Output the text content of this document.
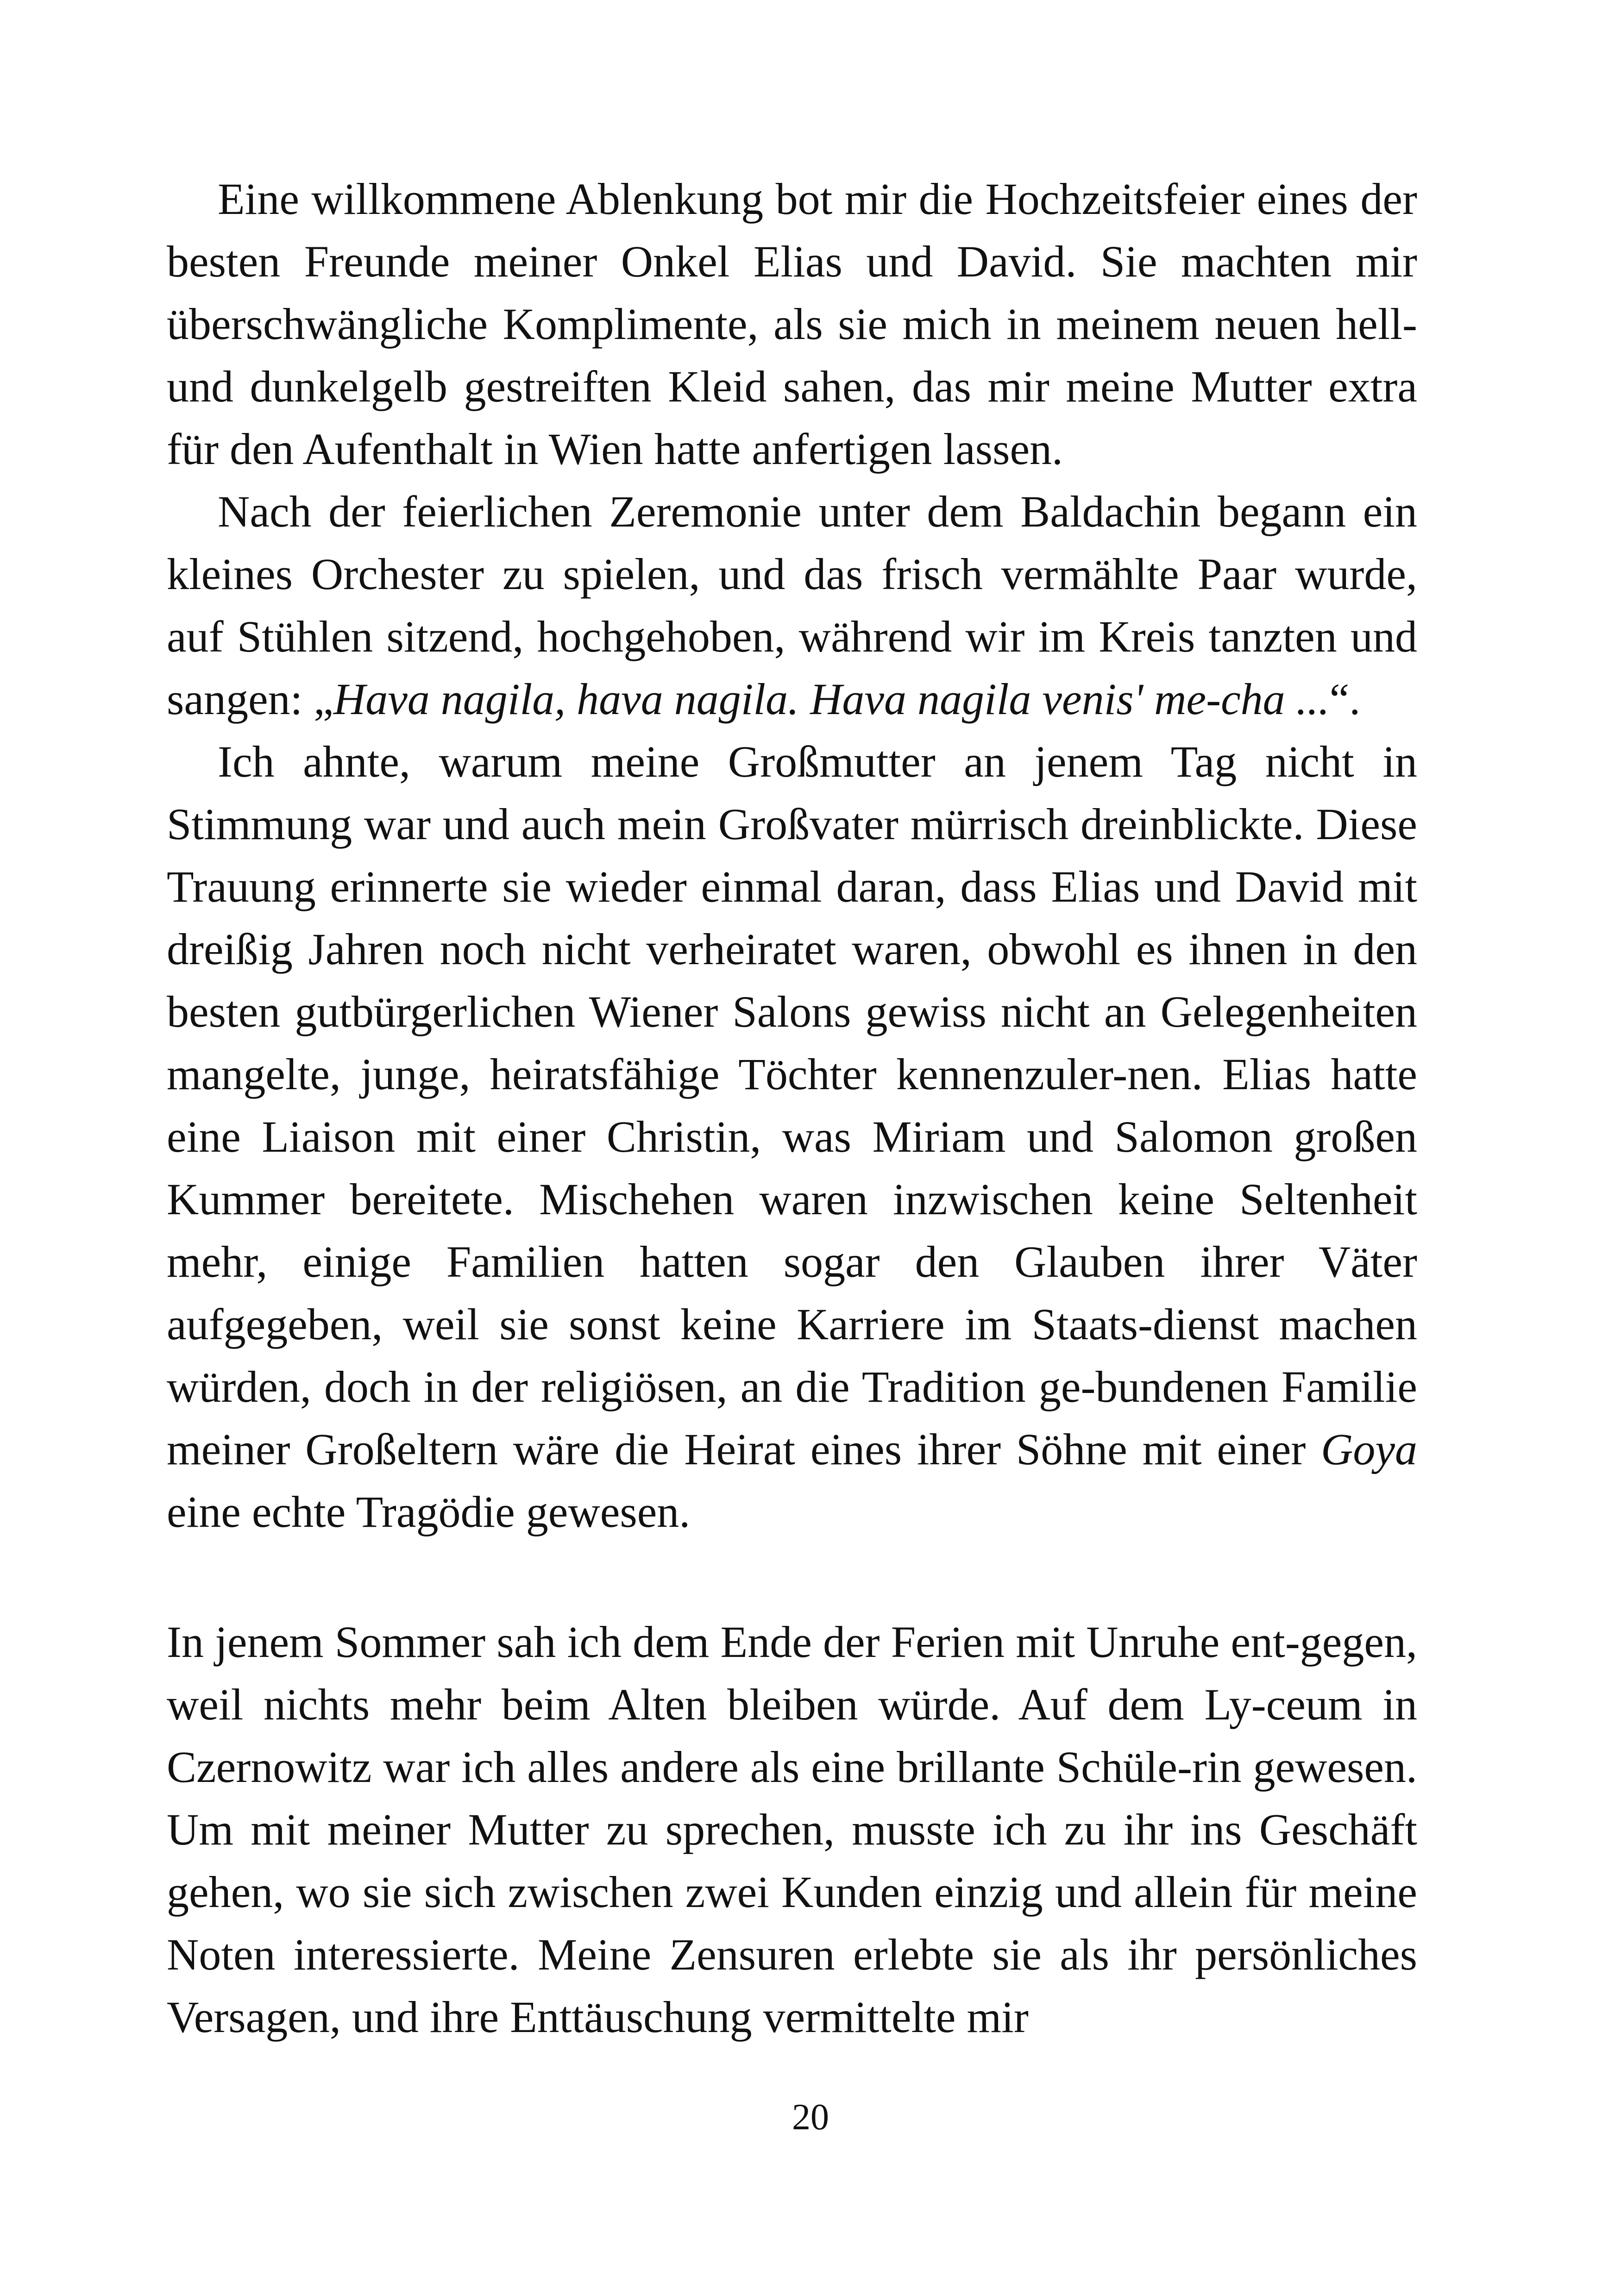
Eine willkommene Ablenkung bot mir die Hochzeitsfeier eines der besten Freunde meiner Onkel Elias und David. Sie machten mir überschwängliche Komplimente, als sie mich in meinem neuen hell- und dunkelgelb gestreiften Kleid sahen, das mir meine Mutter extra für den Aufenthalt in Wien hatte anfertigen lassen.

Nach der feierlichen Zeremonie unter dem Baldachin begann ein kleines Orchester zu spielen, und das frisch vermählte Paar wurde, auf Stühlen sitzend, hochgehoben, während wir im Kreis tanzten und sangen: „Hava nagila, hava nagila. Hava nagila venis' me-cha ...“.

Ich ahnte, warum meine Großmutter an jenem Tag nicht in Stimmung war und auch mein Großvater mürrisch dreinblickte. Diese Trauung erinnerte sie wieder einmal daran, dass Elias und David mit dreißig Jahren noch nicht verheiratet waren, obwohl es ihnen in den besten gutbürgerlichen Wiener Salons gewiss nicht an Gelegenheiten mangelte, junge, heiratsfähige Töchter kennenzuler-nen. Elias hatte eine Liaison mit einer Christin, was Miriam und Salomon großen Kummer bereitete. Mischehen waren inzwischen keine Seltenheit mehr, einige Familien hatten sogar den Glauben ihrer Väter aufgegeben, weil sie sonst keine Karriere im Staats-dienst machen würden, doch in der religiösen, an die Tradition ge-bundenen Familie meiner Großeltern wäre die Heirat eines ihrer Söhne mit einer Goya eine echte Tragödie gewesen.

In jenem Sommer sah ich dem Ende der Ferien mit Unruhe ent-gegen, weil nichts mehr beim Alten bleiben würde. Auf dem Ly-ceum in Czernowitz war ich alles andere als eine brillante Schüle-rin gewesen. Um mit meiner Mutter zu sprechen, musste ich zu ihr ins Geschäft gehen, wo sie sich zwischen zwei Kunden einzig und allein für meine Noten interessierte. Meine Zensuren erlebte sie als ihr persönliches Versagen, und ihre Enttäuschung vermittelte mir

20
